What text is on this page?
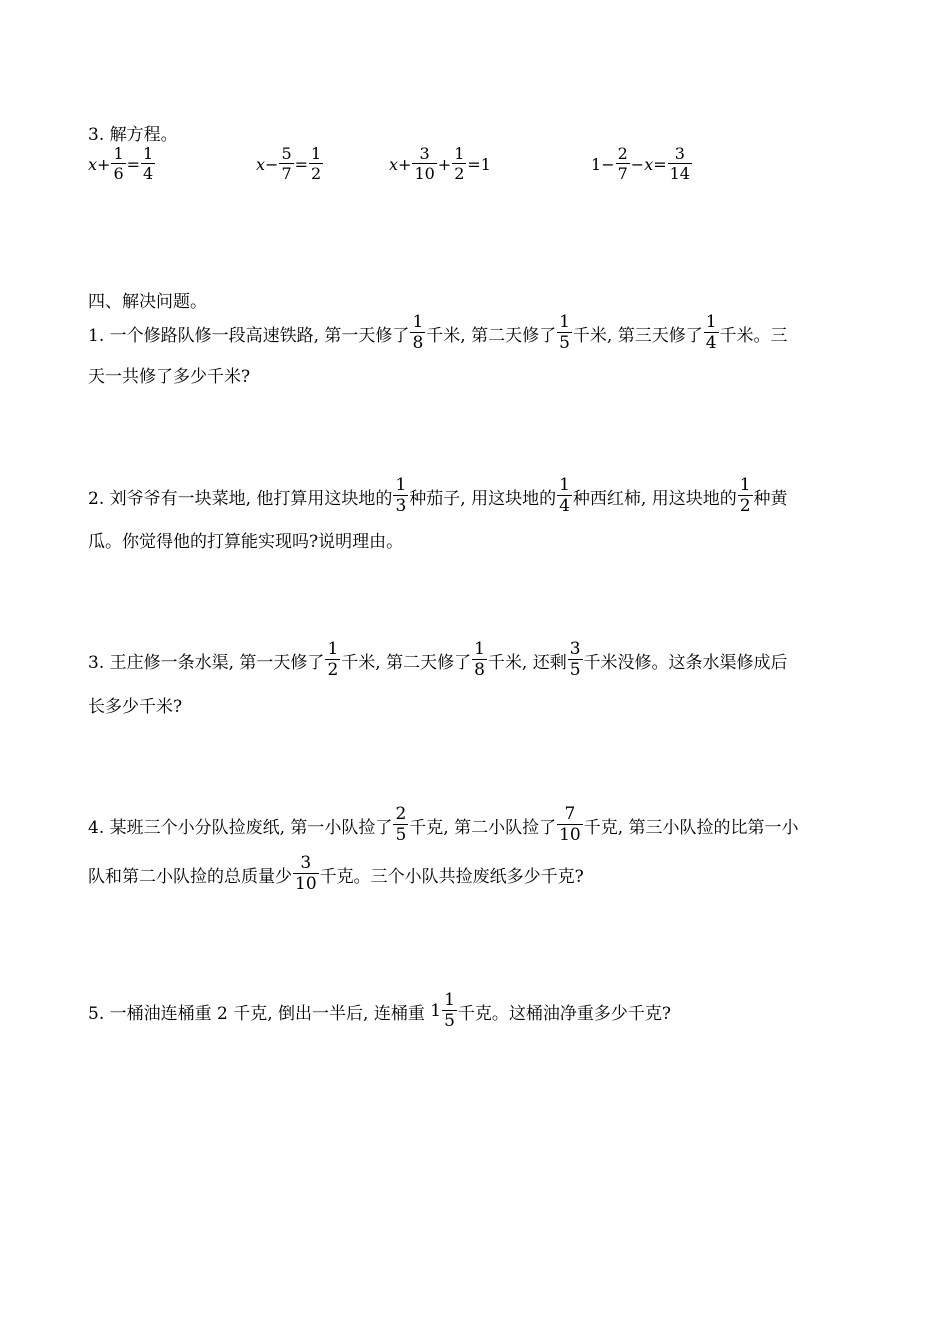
3. 解方程。
$x + \frac{1}{6} = \frac{1}{4}$	$x - \frac{5}{7} = \frac{1}{2}$	$x + \frac{3}{10} + \frac{1}{2} = 1$	$1 - \frac{2}{7} - x = \frac{3}{14}$
四、解决问题。
1. 一个修路队修一段高速铁路, 第一天修了 $\frac{1}{8}$ 千米, 第二天修了 $\frac{1}{5}$ 千米, 第三天修了 $\frac{1}{4}$ 千米。三
天一共修了多少千米?
2. 刘爷爷有一块菜地, 他打算用这块地的 $\frac{1}{3}$ 种茄子, 用这块地的 $\frac{1}{4}$ 种西红柿, 用这块地的 $\frac{1}{2}$ 种黄
瓜。你觉得他的打算能实现吗?说明理由。
3. 王庄修一条水渠, 第一天修了 $\frac{1}{2}$ 千米, 第二天修了 $\frac{1}{8}$ 千米, 还剩 $\frac{3}{5}$ 千米没修。这条水渠修成后
长多少千米?
4. 某班三个小分队捡废纸, 第一小队捡了 $\frac{2}{5}$ 千克, 第二小队捡了 $\frac{7}{10}$ 千克, 第三小队捡的比第一小
队和第二小队捡的总质量少 $\frac{3}{10}$ 千克。三个小队共捡废纸多少千克?
5. 一桶油连桶重 2 千克, 倒出一半后, 连桶重 $1 \frac{1}{5}$ 千克。这桶油净重多少千克?
